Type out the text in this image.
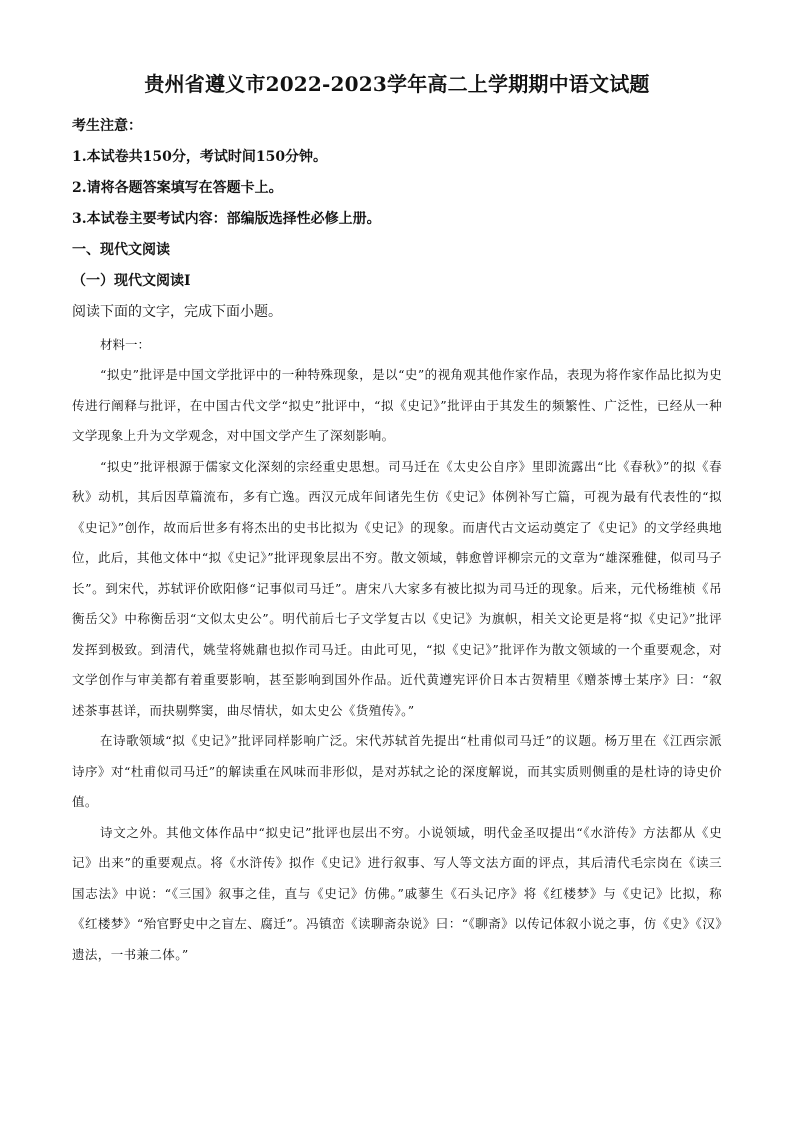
贵州省遵义市2022-2023学年高二上学期期中语文试题

考生注意：

1.本试卷共150分，考试时间150分钟。

2.请将各题答案填写在答题卡上。

3.本试卷主要考试内容：部编版选择性必修上册。

一、现代文阅读

（一）现代文阅读Ⅰ

阅读下面的文字，完成下面小题。

材料一：

“拟史”批评是中国文学批评中的一种特殊现象，是以“史”的视角观其他作家作品，表现为将作家作品比拟为史传进行阐释与批评，在中国古代文学“拟史”批评中，“拟《史记》”批评由于其发生的频繁性、广泛性，已经从一种文学现象上升为文学观念，对中国文学产生了深刻影响。

“拟史”批评根源于儒家文化深刻的宗经重史思想。司马迁在《太史公自序》里即流露出“比《春秋》”的拟《春秋》动机，其后因草篇流布，多有亡逸。西汉元成年间诸先生仿《史记》体例补写亡篇，可视为最有代表性的“拟《史记》”创作，故而后世多有将杰出的史书比拟为《史记》的现象。而唐代古文运动奠定了《史记》的文学经典地位，此后，其他文体中“拟《史记》”批评现象层出不穷。散文领域，韩愈曾评柳宗元的文章为“雄深雅健，似司马子长”。到宋代，苏轼评价欧阳修“记事似司马迁”。唐宋八大家多有被比拟为司马迁的现象。后来，元代杨维桢《吊衡岳父》中称衡岳羽“文似太史公”。明代前后七子文学复古以《史记》为旗帜，相关文论更是将“拟《史记》”批评发挥到极致。到清代，姚莹将姚鼐也拟作司马迁。由此可见，“拟《史记》”批评作为散文领域的一个重要观念，对文学创作与审美都有着重要影响，甚至影响到国外作品。近代黄遵宪评价日本古贺精里《赠茶博士某序》曰：“叙述茶事甚详，而抉剔弊窦，曲尽情状，如太史公《货殖传》。”

在诗歌领域“拟《史记》”批评同样影响广泛。宋代苏轼首先提出“杜甫似司马迁”的议题。杨万里在《江西宗派诗序》对“杜甫似司马迁”的解读重在风味而非形似，是对苏轼之论的深度解说，而其实质则侧重的是杜诗的诗史价值。

诗文之外。其他文体作品中“拟史记”批评也层出不穷。小说领域，明代金圣叹提出“《水浒传》方法都从《史记》出来”的重要观点。将《水浒传》拟作《史记》进行叙事、写人等文法方面的评点，其后清代毛宗岗在《读三国志法》中说：“《三国》叙事之佳，直与《史记》仿佛。”戚蓼生《石头记序》将《红楼梦》与《史记》比拟，称《红楼梦》“殆官野史中之盲左、腐迁”。冯镇峦《读聊斋杂说》曰：“《聊斋》以传记体叙小说之事，仿《史》《汉》遗法，一书兼二体。”
